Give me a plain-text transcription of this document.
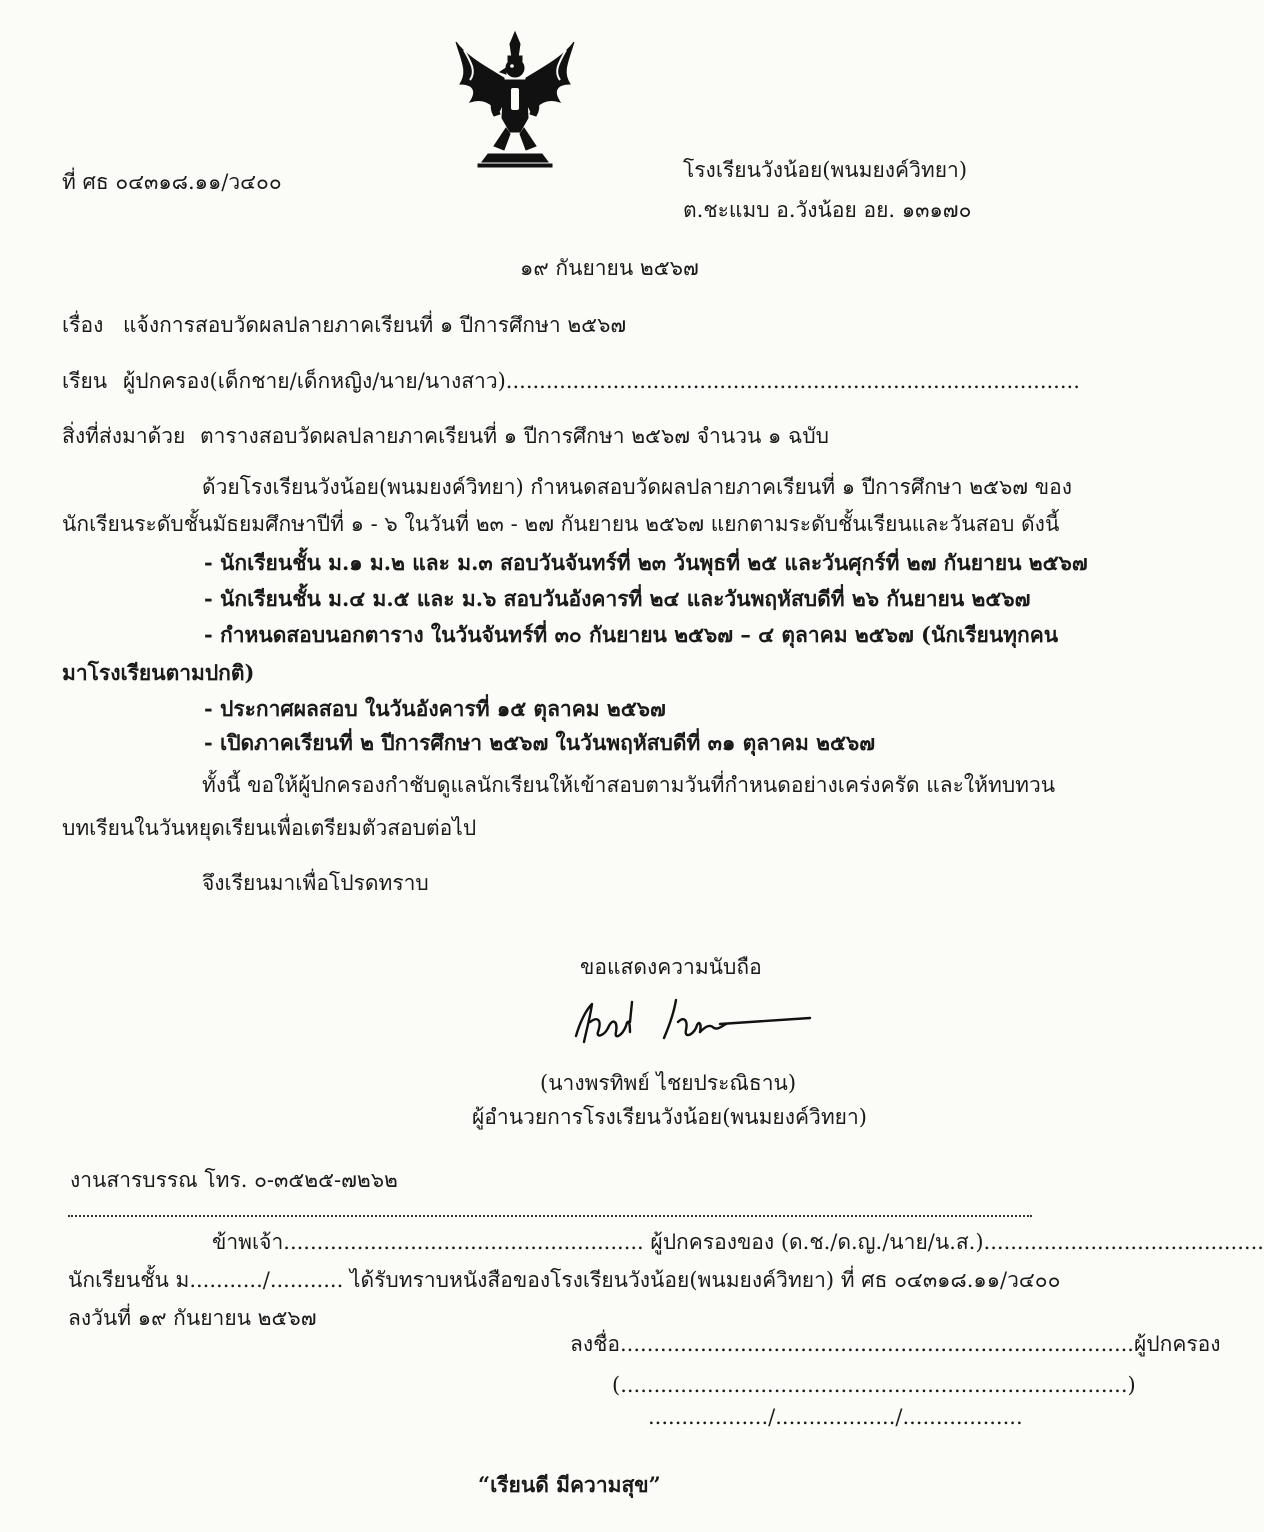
ที่ ศธ ๐๔๓๑๘.๑๑/ว๔๐๐	โรงเรียนวังน้อย(พนมยงค์วิทยา)
ต.ชะแมบ อ.วังน้อย อย. ๑๓๑๗๐
๑๙ กันยายน ๒๕๖๗
เรื่อง แจ้งการสอบวัดผลปลายภาคเรียนที่ ๑ ปีการศึกษา ๒๕๖๗
เรียน ผู้ปกครอง(เด็กชาย/เด็กหญิง/นาย/นางสาว)......................................................................................
สิ่งที่ส่งมาด้วย ตารางสอบวัดผลปลายภาคเรียนที่ ๑ ปีการศึกษา ๒๕๖๗ จำนวน ๑ ฉบับ
ด้วยโรงเรียนวังน้อย(พนมยงค์วิทยา) กำหนดสอบวัดผลปลายภาคเรียนที่ ๑ ปีการศึกษา ๒๕๖๗ ของ
นักเรียนระดับชั้นมัธยมศึกษาปีที่ ๑ - ๖ ในวันที่ ๒๓ - ๒๗ กันยายน ๒๕๖๗ แยกตามระดับชั้นเรียนและวันสอบ ดังนี้
- นักเรียนชั้น ม.๑ ม.๒ และ ม.๓ สอบวันจันทร์ที่ ๒๓ วันพุธที่ ๒๕ และวันศุกร์ที่ ๒๗ กันยายน ๒๕๖๗
- นักเรียนชั้น ม.๔ ม.๕ และ ม.๖ สอบวันอังคารที่ ๒๔ และวันพฤหัสบดีที่ ๒๖ กันยายน ๒๕๖๗
- กำหนดสอบนอกตาราง ในวันจันทร์ที่ ๓๐ กันยายน ๒๕๖๗ – ๔ ตุลาคม ๒๕๖๗ (นักเรียนทุกคน
มาโรงเรียนตามปกติ)
- ประกาศผลสอบ ในวันอังคารที่ ๑๕ ตุลาคม ๒๕๖๗
- เปิดภาคเรียนที่ ๒ ปีการศึกษา ๒๕๖๗ ในวันพฤหัสบดีที่ ๓๑ ตุลาคม ๒๕๖๗
ทั้งนี้ ขอให้ผู้ปกครองกำชับดูแลนักเรียนให้เข้าสอบตามวันที่กำหนดอย่างเคร่งครัด และให้ทบทวน
บทเรียนในวันหยุดเรียนเพื่อเตรียมตัวสอบต่อไป
จึงเรียนมาเพื่อโปรดทราบ
ขอแสดงความนับถือ
(นางพรทิพย์ ไชยประณิธาน)
ผู้อำนวยการโรงเรียนวังน้อย(พนมยงค์วิทยา)
งานสารบรรณ โทร. ๐-๓๕๒๕-๗๒๖๒
ข้าพเจ้า...................................................... ผู้ปกครองของ (ด.ช./ด.ญ./นาย/น.ส.)..........................................
นักเรียนชั้น ม.........../........... ได้รับทราบหนังสือของโรงเรียนวังน้อย(พนมยงค์วิทยา) ที่ ศธ ๐๔๓๑๘.๑๑/ว๔๐๐
ลงวันที่ ๑๙ กันยายน ๒๕๖๗
ลงชื่อ.............................................................................ผู้ปกครอง
(............................................................................)
................../................../..................
“เรียนดี มีความสุข”
